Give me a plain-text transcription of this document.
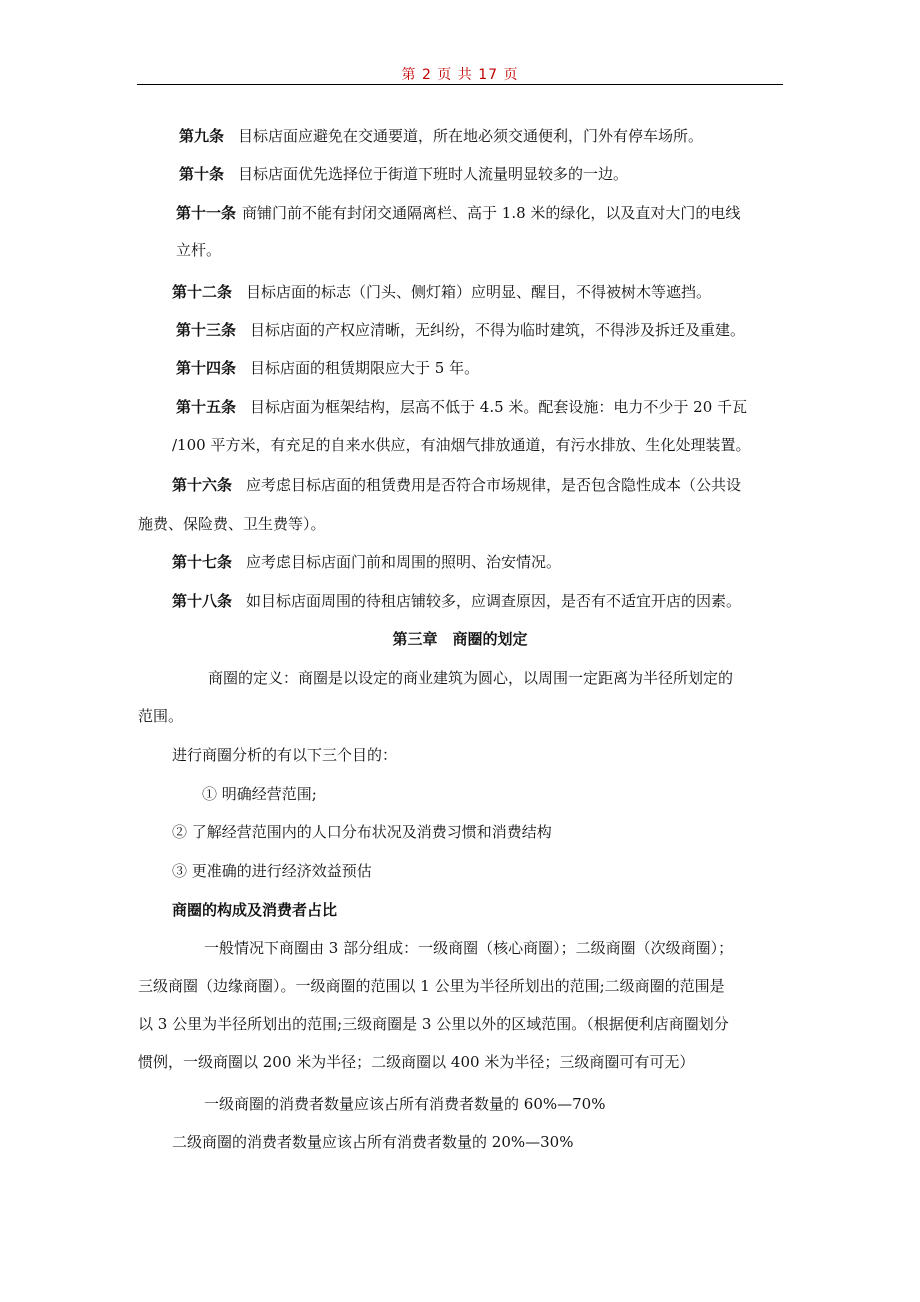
第 2 页 共 17 页
第九条 目标店面应避免在交通要道，所在地必须交通便利，门外有停车场所。
第十条 目标店面优先选择位于街道下班时人流量明显较多的一边。
第十一条 商铺门前不能有封闭交通隔离栏、高于 1.8 米的绿化，以及直对大门的电线
立杆。
第十二条 目标店面的标志（门头、侧灯箱）应明显、醒目，不得被树木等遮挡。
第十三条 目标店面的产权应清晰，无纠纷，不得为临时建筑，不得涉及拆迁及重建。
第十四条 目标店面的租赁期限应大于 5 年。
第十五条 目标店面为框架结构，层高不低于 4.5 米。配套设施：电力不少于 20 千瓦
/100 平方米，有充足的自来水供应，有油烟气排放通道，有污水排放、生化处理装置。
第十六条 应考虑目标店面的租赁费用是否符合市场规律，是否包含隐性成本（公共设
施费、保险费、卫生费等）。
第十七条 应考虑目标店面门前和周围的照明、治安情况。
第十八条 如目标店面周围的待租店铺较多，应调查原因，是否有不适宜开店的因素。
第三章　商圈的划定
商圈的定义：商圈是以设定的商业建筑为圆心，以周围一定距离为半径所划定的
范围。
进行商圈分析的有以下三个目的：
① 明确经营范围;
② 了解经营范围内的人口分布状况及消费习惯和消费结构
③ 更准确的进行经济效益预估
商圈的构成及消费者占比
一般情况下商圈由 3 部分组成：一级商圈（核心商圈）；二级商圈（次级商圈）；
三级商圈（边缘商圈）。一级商圈的范围以 1 公里为半径所划出的范围;二级商圈的范围是
以 3 公里为半径所划出的范围;三级商圈是 3 公里以外的区域范围。（根据便利店商圈划分
惯例，一级商圈以 200 米为半径；二级商圈以 400 米为半径；三级商圈可有可无）
一级商圈的消费者数量应该占所有消费者数量的 60%—70%
二级商圈的消费者数量应该占所有消费者数量的 20%—30%
